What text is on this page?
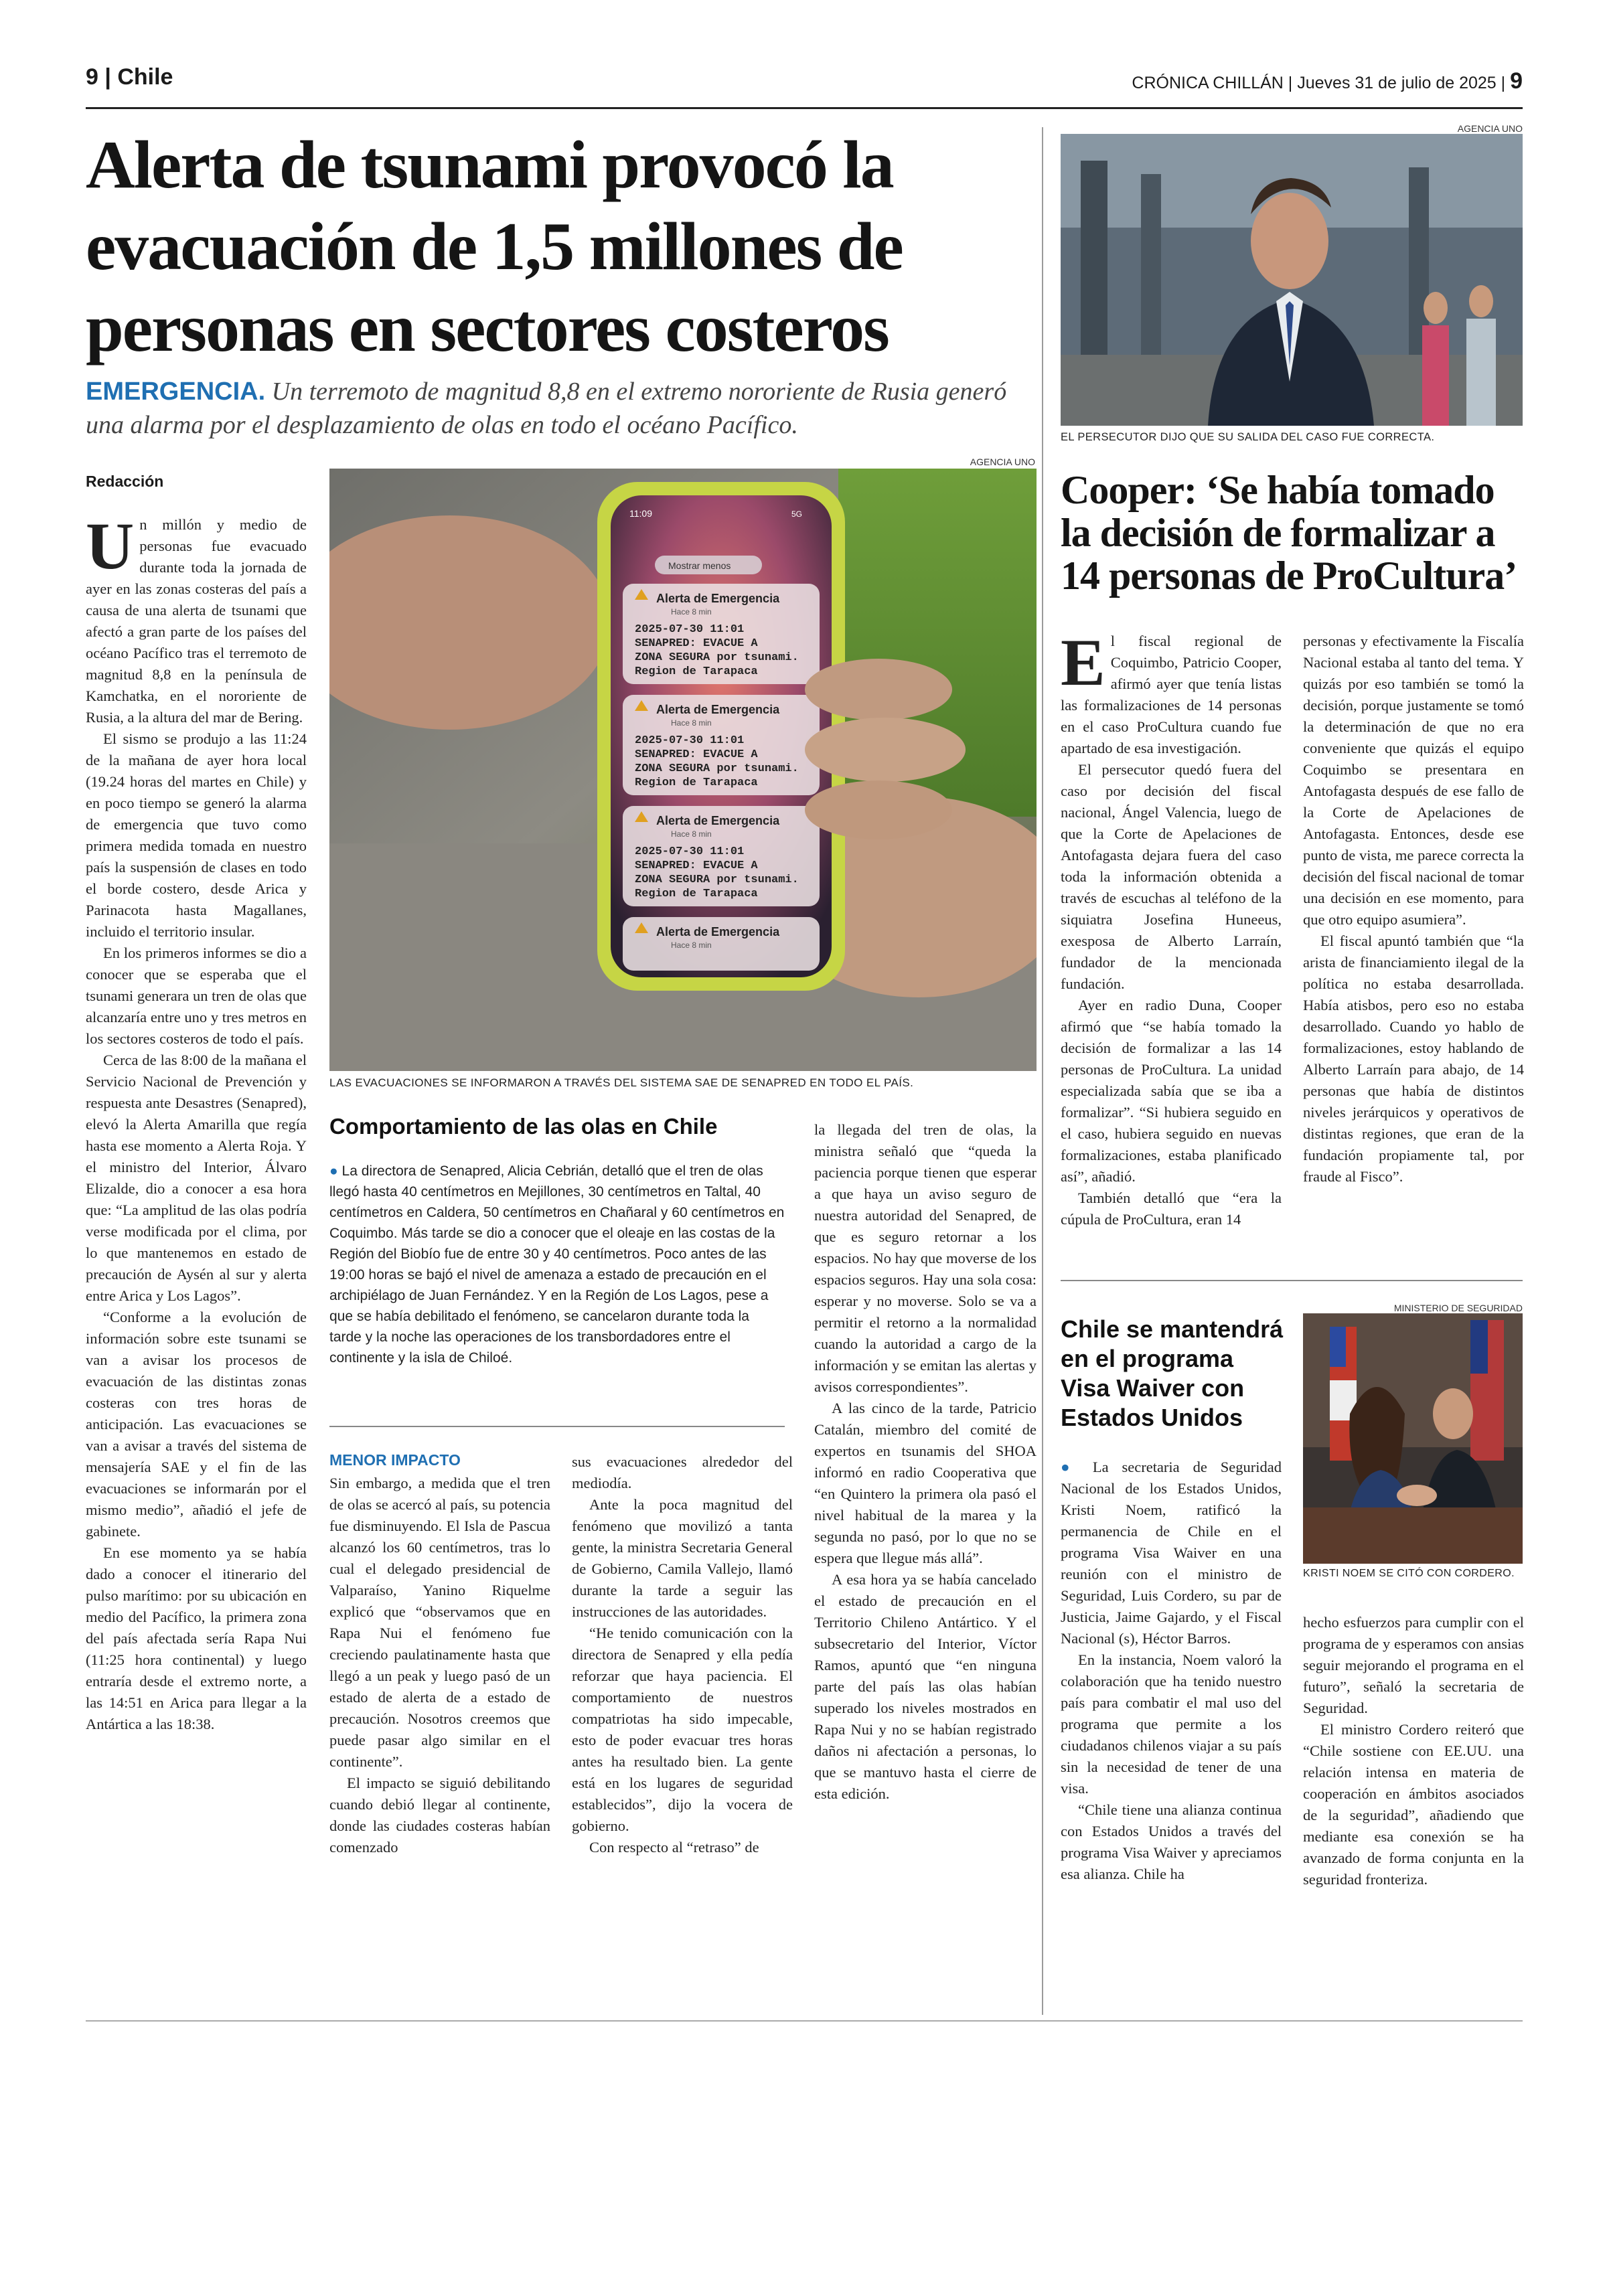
9 | Chile	CRÓNICA CHILLÁN | Jueves 31 de julio de 2025 | 9
Alerta de tsunami provocó la evacuación de 1,5 millones de personas en sectores costeros
EMERGENCIA. Un terremoto de magnitud 8,8 en el extremo nororiente de Rusia generó una alarma por el desplazamiento de olas en todo el océano Pacífico.
Redacción
U n millón y medio de personas fue evacuado durante toda la jornada de ayer en las zonas costeras del país a causa de una alerta de tsunami que afectó a gran parte de los países del océano Pacífico tras el terremoto de magnitud 8,8 en la península de Kamchatka, en el nororiente de Rusia, a la altura del mar de Bering.

El sismo se produjo a las 11:24 de la mañana de ayer hora local (19.24 horas del martes en Chile) y en poco tiempo se generó la alarma de emergencia que tuvo como primera medida tomada en nuestro país la suspensión de clases en todo el borde costero, desde Arica y Parinacota hasta Magallanes, incluido el territorio insular.

En los primeros informes se dio a conocer que se esperaba que el tsunami generara un tren de olas que alcanzaría entre uno y tres metros en los sectores costeros de todo el país.

Cerca de las 8:00 de la mañana el Servicio Nacional de Prevención y respuesta ante Desastres (Senapred), elevó la Alerta Amarilla que regía hasta ese momento a Alerta Roja. Y el ministro del Interior, Álvaro Elizalde, dio a conocer a esa hora que: “La amplitud de las olas podría verse modificada por el clima, por lo que mantenemos en estado de precaución de Aysén al sur y alerta entre Arica y Los Lagos”.

“Conforme a la evolución de información sobre este tsunami se van a avisar los procesos de evacuación de las distintas zonas costeras con tres horas de anticipación. Las evacuaciones se van a avisar a través del sistema de mensajería SAE y el fin de las evacuaciones se informarán por el mismo medio”, añadió el jefe de gabinete.

En ese momento ya se había dado a conocer el itinerario del pulso marítimo: por su ubicación en medio del Pacífico, la primera zona del país afectada sería Rapa Nui (11:25 hora continental) y luego entraría desde el extremo norte, a las 14:51 en Arica para llegar a la Antártica a las 18:38.

AGENCIA UNO
11:09	5G
Mostrar menos
Alerta de Emergencia
Hace 8 min
2025-07-30 11:01 SENAPRED: EVACUE A ZONA SEGURA por tsunami. Region de Tarapaca
Alerta de Emergencia
Hace 8 min
2025-07-30 11:01 SENAPRED: EVACUE A ZONA SEGURA por tsunami. Region de Tarapaca
Alerta de Emergencia
Hace 8 min
2025-07-30 11:01 SENAPRED: EVACUE A ZONA SEGURA por tsunami. Region de Tarapaca
Alerta de Emergencia
Hace 8 min
LAS EVACUACIONES SE INFORMARON A TRAVÉS DEL SISTEMA SAE DE SENAPRED EN TODO EL PAÍS.
Comportamiento de las olas en Chile
● La directora de Senapred, Alicia Cebrián, detalló que el tren de olas llegó hasta 40 centímetros en Mejillones, 30 centímetros en Taltal, 40 centímetros en Caldera, 50 centímetros en Chañaral y 60 centímetros en Coquimbo. Más tarde se dio a conocer que el oleaje en las costas de la Región del Biobío fue de entre 30 y 40 centímetros. Poco antes de las 19:00 horas se bajó el nivel de amenaza a estado de precaución en el archipiélago de Juan Fernández. Y en la Región de Los Lagos, pese a que se había debilitado el fenómeno, se cancelaron durante toda la tarde y la noche las operaciones de los transbordadores entre el continente y la isla de Chiloé.

la llegada del tren de olas, la ministra señaló que “queda la paciencia porque tienen que esperar a que haya un aviso seguro de nuestra autoridad del Senapred, de que es seguro retornar a los espacios. No hay que moverse de los espacios seguros. Hay una sola cosa: esperar y no moverse. Solo se va a permitir el retorno a la normalidad cuando la autoridad a cargo de la información y se emitan las alertas y avisos correspondientes”.

A las cinco de la tarde, Patricio Catalán, miembro del comité de expertos en tsunamis del SHOA informó en radio Cooperativa que “en Quintero la primera ola pasó el nivel habitual de la marea y la segunda no pasó, por lo que no se espera que llegue más allá”.

A esa hora ya se había cancelado el estado de precaución en el Territorio Chileno Antártico. Y el subsecretario del Interior, Víctor Ramos, apuntó que “en ninguna parte del país las olas habían superado los niveles mostrados en Rapa Nui y no se habían registrado daños ni afectación a personas, lo que se mantuvo hasta el cierre de esta edición.

MENOR IMPACTO

Sin embargo, a medida que el tren de olas se acercó al país, su potencia fue disminuyendo. El Isla de Pascua alcanzó los 60 centímetros, tras lo cual el delegado presidencial de Valparaíso, Yanino Riquelme explicó que “observamos que en Rapa Nui el fenómeno fue creciendo paulatinamente hasta que llegó a un peak y luego pasó de un estado de alerta de a estado de precaución. Nosotros creemos que puede pasar algo similar en el continente”.

El impacto se siguió debilitando cuando debió llegar al continente, donde las ciudades costeras habían comenzado

sus evacuaciones alrededor del mediodía.

Ante la poca magnitud del fenómeno que movilizó a tanta gente, la ministra Secretaria General de Gobierno, Camila Vallejo, llamó durante la tarde a seguir las instrucciones de las autoridades.

“He tenido comunicación con la directora de Senapred y ella pedía reforzar que haya paciencia. El comportamiento de nuestros compatriotas ha sido impecable, esto de poder evacuar tres horas antes ha resultado bien. La gente está en los lugares de seguridad establecidos”, dijo la vocera de gobierno.

Con respecto al “retraso” de

AGENCIA UNO
EL PERSECUTOR DIJO QUE SU SALIDA DEL CASO FUE CORRECTA.
Cooper: ‘Se había tomado la decisión de formalizar a 14 personas de ProCultura’
E l fiscal regional de Coquimbo, Patricio Cooper, afirmó ayer que tenía listas las formalizaciones de 14 personas en el caso ProCultura cuando fue apartado de esa investigación.

El persecutor quedó fuera del caso por decisión del fiscal nacional, Ángel Valencia, luego de que la Corte de Apelaciones de Antofagasta dejara fuera del caso toda la información obtenida a través de escuchas al teléfono de la siquiatra Josefina Huneeus, exesposa de Alberto Larraín, fundador de la mencionada fundación.

Ayer en radio Duna, Cooper afirmó que “se había tomado la decisión de formalizar a las 14 personas de ProCultura. La unidad especializada sabía que se iba a formalizar”. “Si hubiera seguido en el caso, hubiera seguido en nuevas formalizaciones, estaba planificado así”, añadió.

También detalló que “era la cúpula de ProCultura, eran 14

personas y efectivamente la Fiscalía Nacional estaba al tanto del tema. Y quizás por eso también se tomó la decisión, porque justamente se tomó la determinación de que no era conveniente que quizás el equipo Coquimbo se presentara en Antofagasta después de ese fallo de la Corte de Apelaciones de Antofagasta. Entonces, desde ese punto de vista, me parece correcta la decisión del fiscal nacional de tomar una decisión en ese momento, para que otro equipo asumiera”.

El fiscal apuntó también que “la arista de financiamiento ilegal de la política no estaba desarrollada. Había atisbos, pero eso no estaba desarrollado. Cuando yo hablo de formalizaciones, estoy hablando de Alberto Larraín para abajo, de 14 personas que había de distintos niveles jerárquicos y operativos de distintas regiones, que eran de la fundación propiamente tal, por fraude al Fisco”.

Chile se mantendrá en el programa Visa Waiver con Estados Unidos
MINISTERIO DE SEGURIDAD
KRISTI NOEM SE CITÓ CON CORDERO.

● La secretaria de Seguridad Nacional de los Estados Unidos, Kristi Noem, ratificó la permanencia de Chile en el programa Visa Waiver en una reunión con el ministro de Seguridad, Luis Cordero, su par de Justicia, Jaime Gajardo, y el Fiscal Nacional (s), Héctor Barros.

En la instancia, Noem valoró la colaboración que ha tenido nuestro país para combatir el mal uso del programa que permite a los ciudadanos chilenos viajar a su país sin la necesidad de tener de una visa.

“Chile tiene una alianza continua con Estados Unidos a través del programa Visa Waiver y apreciamos esa alianza. Chile ha

hecho esfuerzos para cumplir con el programa de y esperamos con ansias seguir mejorando el programa en el futuro”, señaló la secretaria de Seguridad.

El ministro Cordero reiteró que “Chile sostiene con EE.UU. una relación intensa en materia de cooperación en ámbitos asociados de la seguridad”, añadiendo que mediante esa conexión se ha avanzado de forma conjunta en la seguridad fronteriza.
